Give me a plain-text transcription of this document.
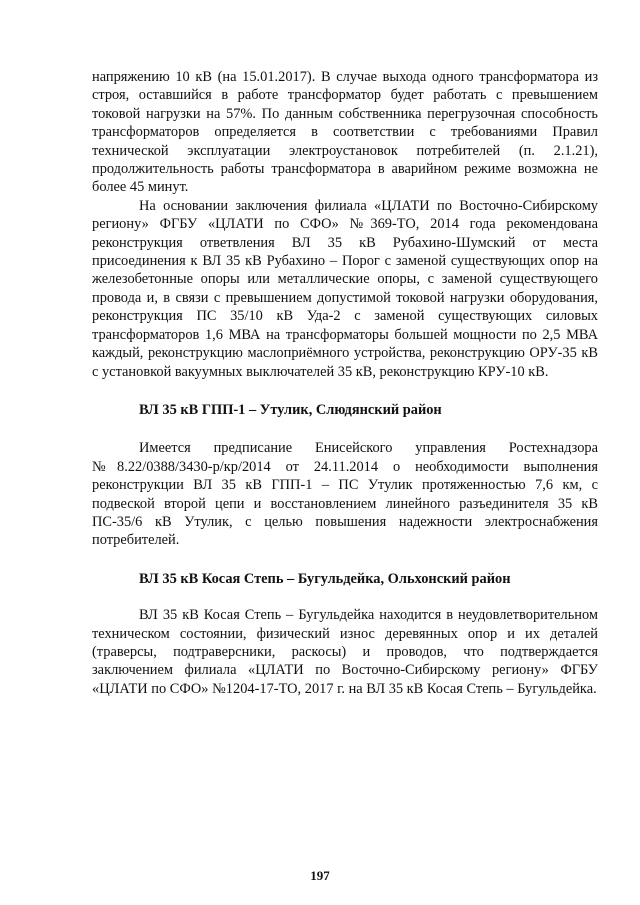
напряжению 10 кВ (на 15.01.2017). В случае выхода одного трансформатора из строя, оставшийся в работе трансформатор будет работать с превышением токовой нагрузки на 57%. По данным собственника перегрузочная способность трансформаторов определяется в соответствии с требованиями Правил технической эксплуатации электроустановок потребителей (п. 2.1.21), продолжительность работы трансформатора в аварийном режиме возможна не более 45 минут.

На основании заключения филиала «ЦЛАТИ по Восточно-Сибирскому региону» ФГБУ «ЦЛАТИ по СФО» №369-ТО, 2014 года рекомендована реконструкция ответвления ВЛ 35 кВ Рубахино-Шумский от места присоединения к ВЛ 35 кВ Рубахино – Порог с заменой существующих опор на железобетонные опоры или металлические опоры, с заменой существующего провода и, в связи с превышением допустимой токовой нагрузки оборудования, реконструкция ПС 35/10 кВ Уда-2 с заменой существующих силовых трансформаторов 1,6 МВА на трансформаторы большей мощности по 2,5 МВА каждый, реконструкцию маслоприёмного устройства, реконструкцию ОРУ-35 кВ с установкой вакуумных выключателей 35 кВ, реконструкцию КРУ-10 кВ.

ВЛ 35 кВ ГПП-1 – Утулик, Слюдянский район

Имеется предписание Енисейского управления Ростехнадзора №8.22/0388/3430-р/кр/2014 от 24.11.2014 о необходимости выполнения реконструкции ВЛ 35 кВ ГПП-1 – ПС Утулик протяженностью 7,6 км, с подвеской второй цепи и восстановлением линейного разъединителя 35 кВ ПС-35/6 кВ Утулик, с целью повышения надежности электроснабжения потребителей.

ВЛ 35 кВ Косая Степь – Бугульдейка, Ольхонский район

ВЛ 35 кВ Косая Степь – Бугульдейка находится в неудовлетворительном техническом состоянии, физический износ деревянных опор и их деталей (траверсы, подтраверсники, раскосы) и проводов, что подтверждается заключением филиала «ЦЛАТИ по Восточно-Сибирскому региону» ФГБУ «ЦЛАТИ по СФО» №1204-17-ТО, 2017 г. на ВЛ 35 кВ Косая Степь – Бугульдейка.

197
